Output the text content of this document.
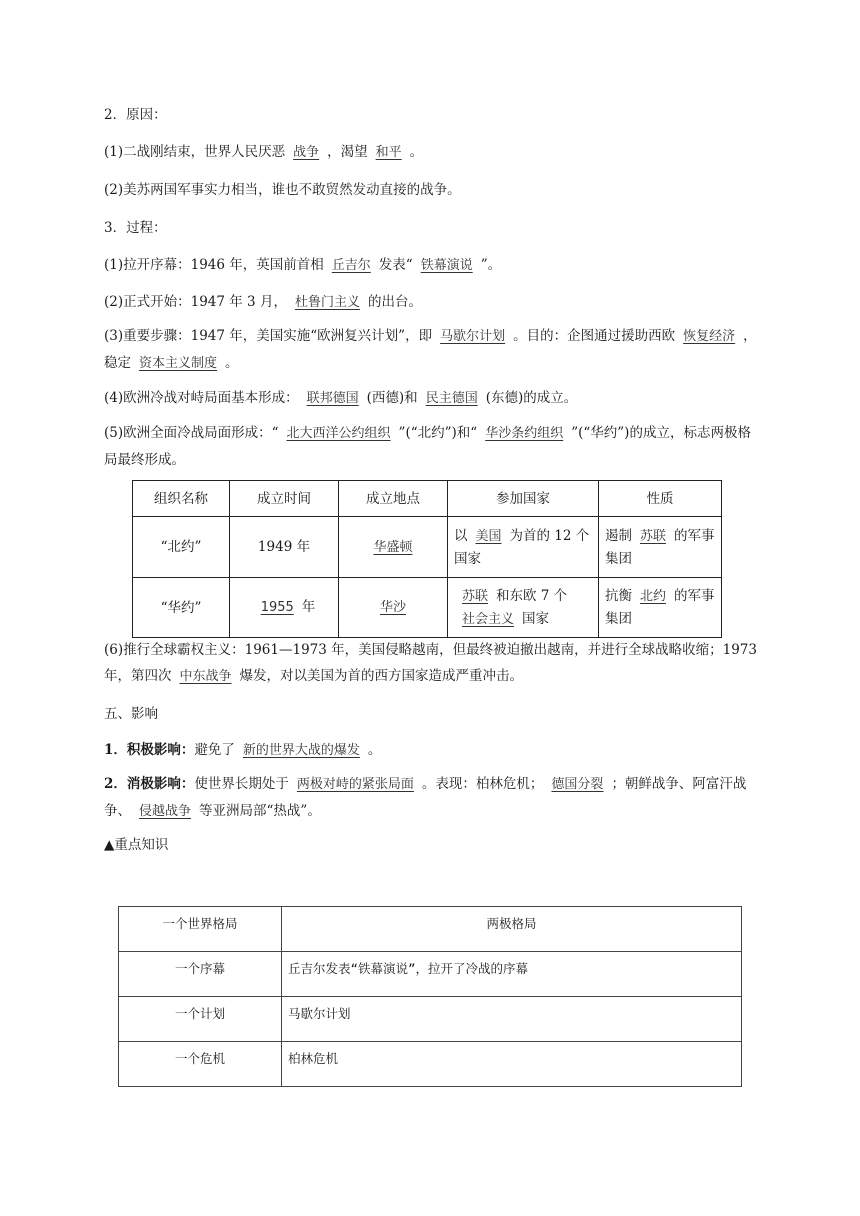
2．原因：
(1)二战刚结束，世界人民厌恶 战争 ，渴望 和平 。
(2)美苏两国军事实力相当，谁也不敢贸然发动直接的战争。
3．过程：
(1)拉开序幕：1946 年，英国前首相 丘吉尔 发表“ 铁幕演说 ”。
(2)正式开始：1947 年 3 月， 杜鲁门主义 的出台。
(3)重要步骤：1947 年，美国实施“欧洲复兴计划”，即 马歇尔计划 。目的：企图通过援助西欧 恢复经济 ，稳定 资本主义制度 。
(4)欧洲冷战对峙局面基本形成： 联邦德国 (西德)和 民主德国 (东德)的成立。
(5)欧洲全面冷战局面形成：“ 北大西洋公约组织 ”(“北约”)和“ 华沙条约组织 ”(“华约”)的成立，标志两极格局最终形成。
组织名称	成立时间	成立地点	参加国家	性质
“北约”	1949 年	华盛顿	以 美国 为首的 12 个国家	遏制 苏联 的军事集团
“华约”	1955 年	华沙	苏联 和东欧 7 个 社会主义 国家	抗衡 北约 的军事集团
(6)推行全球霸权主义：1961—1973 年，美国侵略越南，但最终被迫撤出越南，并进行全球战略收缩；1973 年，第四次 中东战争 爆发，对以美国为首的西方国家造成严重冲击。
五、影响
1．积极影响：避免了 新的世界大战的爆发 。
2．消极影响：使世界长期处于 两极对峙的紧张局面 。表现：柏林危机； 德国分裂 ；朝鲜战争、阿富汗战争、 侵越战争 等亚洲局部“热战”。
▲重点知识
一个世界格局	两极格局
一个序幕	丘吉尔发表“铁幕演说”，拉开了冷战的序幕
一个计划	马歇尔计划
一个危机	柏林危机
